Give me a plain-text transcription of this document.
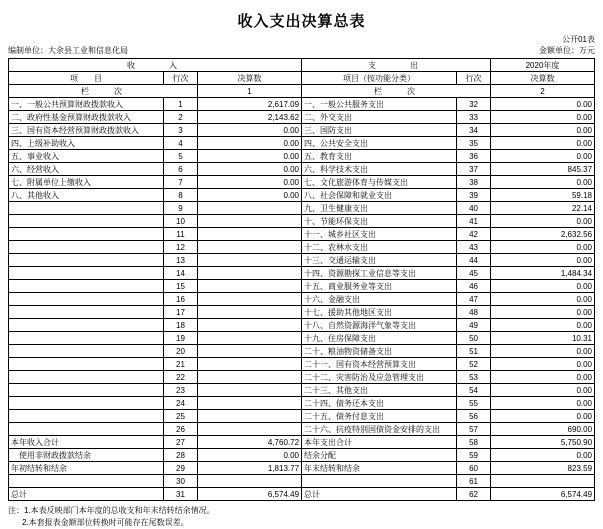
收入支出决算总表
公开01表
编制单位：大余县工业和信息化局	金额单位：万元
收　　入			支　　出		2020年度
项　　目	行次	决算数	项目（按功能分类）	行次	决算数
栏　　次		1	栏　　次		2
一、一般公共预算财政拨款收入	1	2,617.09	一、一般公共服务支出	32	0.00
二、政府性基金预算财政拨款收入	2	2,143.62	二、外交支出	33	0.00
三、国有资本经营预算财政拨款收入	3	0.00	三、国防支出	34	0.00
四、上级补助收入	4	0.00	四、公共安全支出	35	0.00
五、事业收入	5	0.00	五、教育支出	36	0.00
六、经营收入	6	0.00	六、科学技术支出	37	845.37
七、附属单位上缴收入	7	0.00	七、文化旅游体育与传媒支出	38	0.00
八、其他收入	8	0.00	八、社会保障和就业支出	39	59.18
	9		九、卫生健康支出	40	22.14
	10		十、节能环保支出	41	0.00
	11		十一、城乡社区支出	42	2,632.56
	12		十二、农林水支出	43	0.00
	13		十三、交通运输支出	44	0.00
	14		十四、资源勘探工业信息等支出	45	1,484.34
	15		十五、商业服务业等支出	46	0.00
	16		十六、金融支出	47	0.00
	17		十七、援助其他地区支出	48	0.00
	18		十八、自然资源海洋气象等支出	49	0.00
	19		十九、住房保障支出	50	10.31
	20		二十、粮油物资储备支出	51	0.00
	21		二十一、国有资本经营预算支出	52	0.00
	22		二十二、灾害防治及应急管理支出	53	0.00
	23		二十三、其他支出	54	0.00
	24		二十四、债务还本支出	55	0.00
	25		二十五、债务付息支出	56	0.00
	26		二十六、抗疫特别国债资金安排的支出	57	690.00
本年收入合计	27	4,760.72	本年支出合计	58	5,750.90
　使用非财政拨款结余	28	0.00	结余分配	59	0.00
年初结转和结余	29	1,813.77	年末结转和结余	60	823.59
	30			61	
总计	31	6,574.49	总计	62	6,574.49
注：1.本表反映部门本年度的总收支和年末结转结余情况。
2.本套报表金额部位转换时可能存在尾数误差。
